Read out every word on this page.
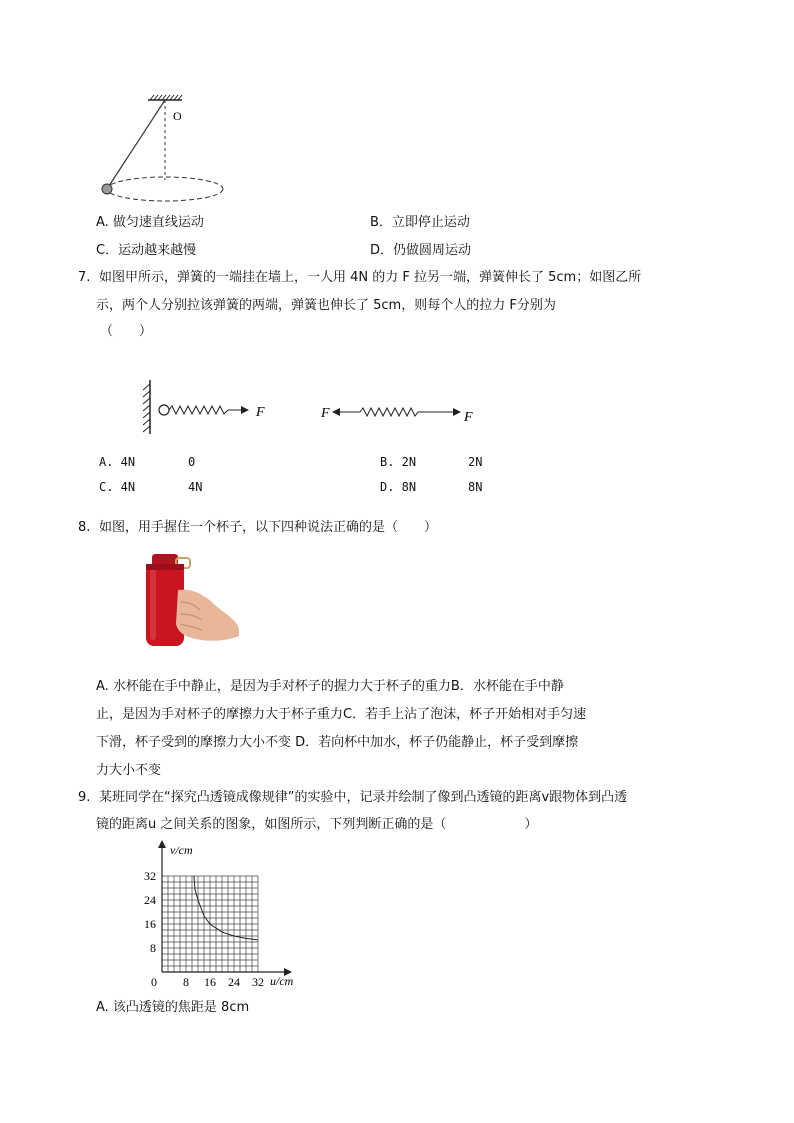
O
A. 做匀速直线运动	B．立即停止运动
C．运动越来越慢	D．仍做圆周运动
7. 如图甲所示，弹簧的一端挂在墙上，一人用 4N 的力 F 拉另一端，弹簧伸长了 5cm；如图乙所
示，两个人分别拉该弹簧的两端，弹簧也伸长了 5cm，则每个人的拉力 F分别为
（　　）
F	F	F
A. 4N	0	B. 2N	2N
C. 4N	4N	D. 8N	8N
8. 如图，用手握住一个杯子，以下四种说法正确的是（　　）
A. 水杯能在手中静止，是因为手对杯子的握力大于杯子的重力B．水杯能在手中静
止，是因为手对杯子的摩擦力大于杯子重力C．若手上沾了泡沫，杯子开始相对手匀速
下滑，杯子受到的摩擦力大小不变 D．若向杯中加水，杯子仍能静止，杯子受到摩擦
力大小不变
9. 某班同学在“探究凸透镜成像规律”的实验中，记录并绘制了像到凸透镜的距离v跟物体到凸透
镜的距离u 之间关系的图象，如图所示，下列判断正确的是（　　　　　　）
0 8 16 24 32
8
16
24
32
u/cm
v/cm
A. 该凸透镜的焦距是 8cm
